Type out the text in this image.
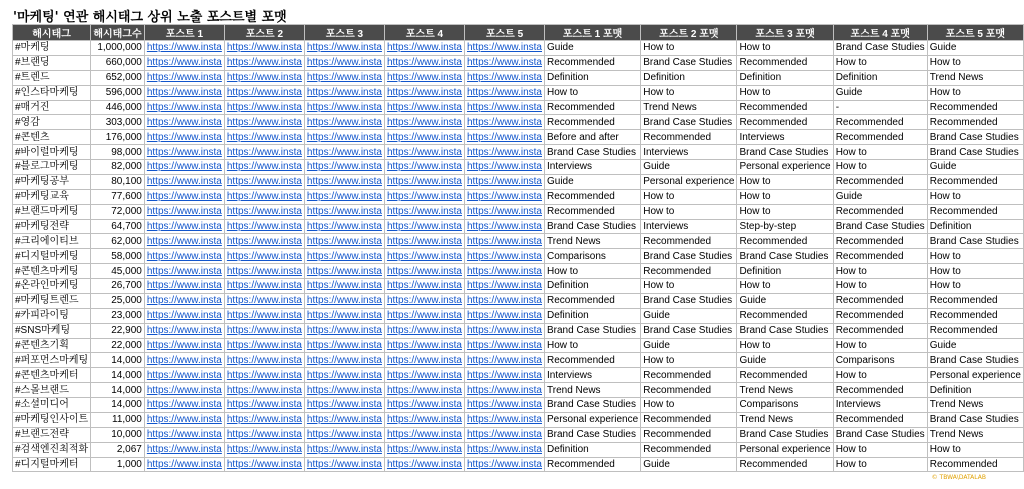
'마케팅' 연관 해시태그 상위 노출 포스트별 포맷
해시태그	해시태그수	포스트 1	포스트 2	포스트 3	포스트 4	포스트 5	포스트 1 포맷	포스트 2 포맷	포스트 3 포맷	포스트 4 포맷	포스트 5 포맷
#마케팅	1,000,000	https://www.insta	https://www.insta	https://www.insta	https://www.insta	https://www.insta	Guide	How to	How to	Brand Case Studies	Guide
#브랜딩	660,000	https://www.insta	https://www.insta	https://www.insta	https://www.insta	https://www.insta	Recommended	Brand Case Studies	Recommended	How to	How to
#트렌드	652,000	https://www.insta	https://www.insta	https://www.insta	https://www.insta	https://www.insta	Definition	Definition	Definition	Definition	Trend News
#인스타마케팅	596,000	https://www.insta	https://www.insta	https://www.insta	https://www.insta	https://www.insta	How to	How to	How to	Guide	How to
#매거진	446,000	https://www.insta	https://www.insta	https://www.insta	https://www.insta	https://www.insta	Recommended	Trend News	Recommended	-	Recommended
#영감	303,000	https://www.insta	https://www.insta	https://www.insta	https://www.insta	https://www.insta	Recommended	Brand Case Studies	Recommended	Recommended	Recommended
#콘텐츠	176,000	https://www.insta	https://www.insta	https://www.insta	https://www.insta	https://www.insta	Before and after	Recommended	Interviews	Recommended	Brand Case Studies
#바이럴마케팅	98,000	https://www.insta	https://www.insta	https://www.insta	https://www.insta	https://www.insta	Brand Case Studies	Interviews	Brand Case Studies	How to	Brand Case Studies
#블로그마케팅	82,000	https://www.insta	https://www.insta	https://www.insta	https://www.insta	https://www.insta	Interviews	Guide	Personal experience	How to	Guide
#마케팅공부	80,100	https://www.insta	https://www.insta	https://www.insta	https://www.insta	https://www.insta	Guide	Personal experience	How to	Recommended	Recommended
#마케팅교육	77,600	https://www.insta	https://www.insta	https://www.insta	https://www.insta	https://www.insta	Recommended	How to	How to	Guide	How to
#브랜드마케팅	72,000	https://www.insta	https://www.insta	https://www.insta	https://www.insta	https://www.insta	Recommended	How to	How to	Recommended	Recommended
#마케팅전략	64,700	https://www.insta	https://www.insta	https://www.insta	https://www.insta	https://www.insta	Brand Case Studies	Interviews	Step-by-step	Brand Case Studies	Definition
#크리에이티브	62,000	https://www.insta	https://www.insta	https://www.insta	https://www.insta	https://www.insta	Trend News	Recommended	Recommended	Recommended	Brand Case Studies
#디지털마케팅	58,000	https://www.insta	https://www.insta	https://www.insta	https://www.insta	https://www.insta	Comparisons	Brand Case Studies	Brand Case Studies	Recommended	How to
#콘텐츠마케팅	45,000	https://www.insta	https://www.insta	https://www.insta	https://www.insta	https://www.insta	How to	Recommended	Definition	How to	How to
#온라인마케팅	26,700	https://www.insta	https://www.insta	https://www.insta	https://www.insta	https://www.insta	Definition	How to	How to	How to	How to
#마케팅트렌드	25,000	https://www.insta	https://www.insta	https://www.insta	https://www.insta	https://www.insta	Recommended	Brand Case Studies	Guide	Recommended	Recommended
#카피라이팅	23,000	https://www.insta	https://www.insta	https://www.insta	https://www.insta	https://www.insta	Definition	Guide	Recommended	Recommended	Recommended
#SNS마케팅	22,900	https://www.insta	https://www.insta	https://www.insta	https://www.insta	https://www.insta	Brand Case Studies	Brand Case Studies	Brand Case Studies	Recommended	Recommended
#콘텐츠기획	22,000	https://www.insta	https://www.insta	https://www.insta	https://www.insta	https://www.insta	How to	Guide	How to	How to	Guide
#퍼포먼스마케팅	14,000	https://www.insta	https://www.insta	https://www.insta	https://www.insta	https://www.insta	Recommended	How to	Guide	Comparisons	Brand Case Studies
#콘텐츠마케터	14,000	https://www.insta	https://www.insta	https://www.insta	https://www.insta	https://www.insta	Interviews	Recommended	Recommended	How to	Personal experience
#스몰브랜드	14,000	https://www.insta	https://www.insta	https://www.insta	https://www.insta	https://www.insta	Trend News	Recommended	Trend News	Recommended	Definition
#소셜미디어	14,000	https://www.insta	https://www.insta	https://www.insta	https://www.insta	https://www.insta	Brand Case Studies	How to	Comparisons	Interviews	Trend News
#마케팅인사이트	11,000	https://www.insta	https://www.insta	https://www.insta	https://www.insta	https://www.insta	Personal experience	Recommended	Trend News	Recommended	Brand Case Studies
#브랜드전략	10,000	https://www.insta	https://www.insta	https://www.insta	https://www.insta	https://www.insta	Brand Case Studies	Recommended	Brand Case Studies	Brand Case Studies	Trend News
#검색엔진최적화	2,067	https://www.insta	https://www.insta	https://www.insta	https://www.insta	https://www.insta	Definition	Recommended	Personal experience	How to	How to
#디지털마케터	1,000	https://www.insta	https://www.insta	https://www.insta	https://www.insta	https://www.insta	Recommended	Guide	Recommended	How to	Recommended
© TBWA\DATALAB
